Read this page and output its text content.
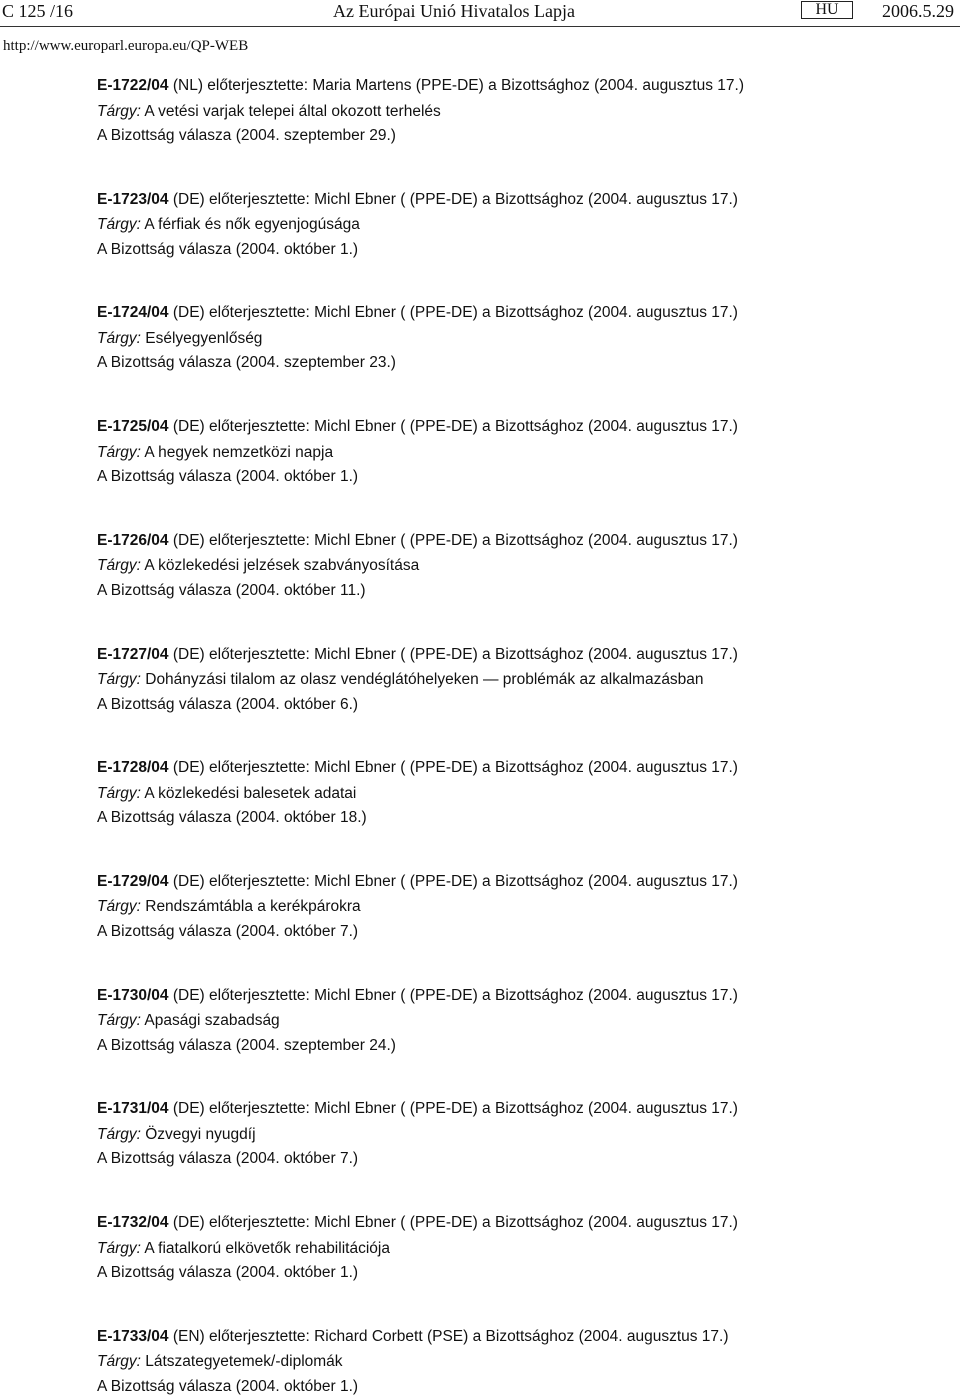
C 125 /16	Az Európai Unió Hivatalos Lapja	HU	2006.5.29
http://www.europarl.europa.eu/QP-WEB
E-1722/04 (NL) előterjesztette: Maria Martens (PPE-DE) a Bizottsághoz (2004. augusztus 17.)
Tárgy: A vetési varjak telepei által okozott terhelés
A Bizottság válasza (2004. szeptember 29.)
E-1723/04 (DE) előterjesztette: Michl Ebner ( (PPE-DE) a Bizottsághoz (2004. augusztus 17.)
Tárgy: A férfiak és nők egyenjogúsága
A Bizottság válasza (2004. október 1.)
E-1724/04 (DE) előterjesztette: Michl Ebner ( (PPE-DE) a Bizottsághoz (2004. augusztus 17.)
Tárgy: Esélyegyenlőség
A Bizottság válasza (2004. szeptember 23.)
E-1725/04 (DE) előterjesztette: Michl Ebner ( (PPE-DE) a Bizottsághoz (2004. augusztus 17.)
Tárgy: A hegyek nemzetközi napja
A Bizottság válasza (2004. október 1.)
E-1726/04 (DE) előterjesztette: Michl Ebner ( (PPE-DE) a Bizottsághoz (2004. augusztus 17.)
Tárgy: A közlekedési jelzések szabványosítása
A Bizottság válasza (2004. október 11.)
E-1727/04 (DE) előterjesztette: Michl Ebner ( (PPE-DE) a Bizottsághoz (2004. augusztus 17.)
Tárgy: Dohányzási tilalom az olasz vendéglátóhelyeken — problémák az alkalmazásban
A Bizottság válasza (2004. október 6.)
E-1728/04 (DE) előterjesztette: Michl Ebner ( (PPE-DE) a Bizottsághoz (2004. augusztus 17.)
Tárgy: A közlekedési balesetek adatai
A Bizottság válasza (2004. október 18.)
E-1729/04 (DE) előterjesztette: Michl Ebner ( (PPE-DE) a Bizottsághoz (2004. augusztus 17.)
Tárgy: Rendszámtábla a kerékpárokra
A Bizottság válasza (2004. október 7.)
E-1730/04 (DE) előterjesztette: Michl Ebner ( (PPE-DE) a Bizottsághoz (2004. augusztus 17.)
Tárgy: Apasági szabadság
A Bizottság válasza (2004. szeptember 24.)
E-1731/04 (DE) előterjesztette: Michl Ebner ( (PPE-DE) a Bizottsághoz (2004. augusztus 17.)
Tárgy: Özvegyi nyugdíj
A Bizottság válasza (2004. október 7.)
E-1732/04 (DE) előterjesztette: Michl Ebner ( (PPE-DE) a Bizottsághoz (2004. augusztus 17.)
Tárgy: A fiatalkorú elkövetők rehabilitációja
A Bizottság válasza (2004. október 1.)
E-1733/04 (EN) előterjesztette: Richard Corbett (PSE) a Bizottsághoz (2004. augusztus 17.)
Tárgy: Látszategyetemek/-diplomák
A Bizottság válasza (2004. október 1.)
